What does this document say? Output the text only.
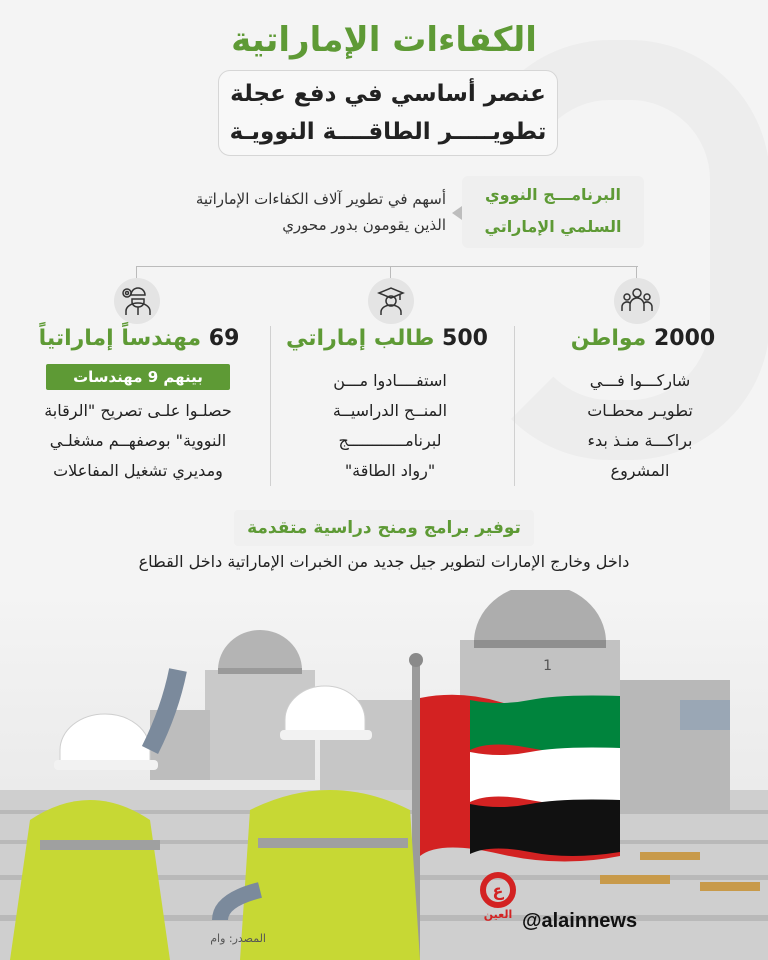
الكفاءات الإماراتية
عنصر أساسي في دفع عجلة
تطويـــــر الطاقــــة النوويـة
البرنامـــج النووي
السلمي الإماراتي
أسهم في تطوير آلاف الكفاءات الإماراتية
الذين يقومون بدور محوري
2000 مواطن
شاركـــوا فـــي
تطويـر محطـات
براكـــة منـذ بدء
المشروع
500 طالب إماراتي
استفــــادوا مـــن
المنــح الدراسيــة
لبرنامــــــــــــج
"رواد الطاقة"
69 مهندساً إماراتياً
بينهم 9 مهندسات
حصلـوا علـى تصريح "الرقابة
النووية" بوصفهــم مشغلـي
ومديري تشغيل المفاعلات
توفير برامج ومنح دراسية متقدمة
داخل وخارج الإمارات لتطوير جيل جديد من الخبرات الإماراتية داخل القطاع
1
ع
العين @alainnews
المصدر: وام
